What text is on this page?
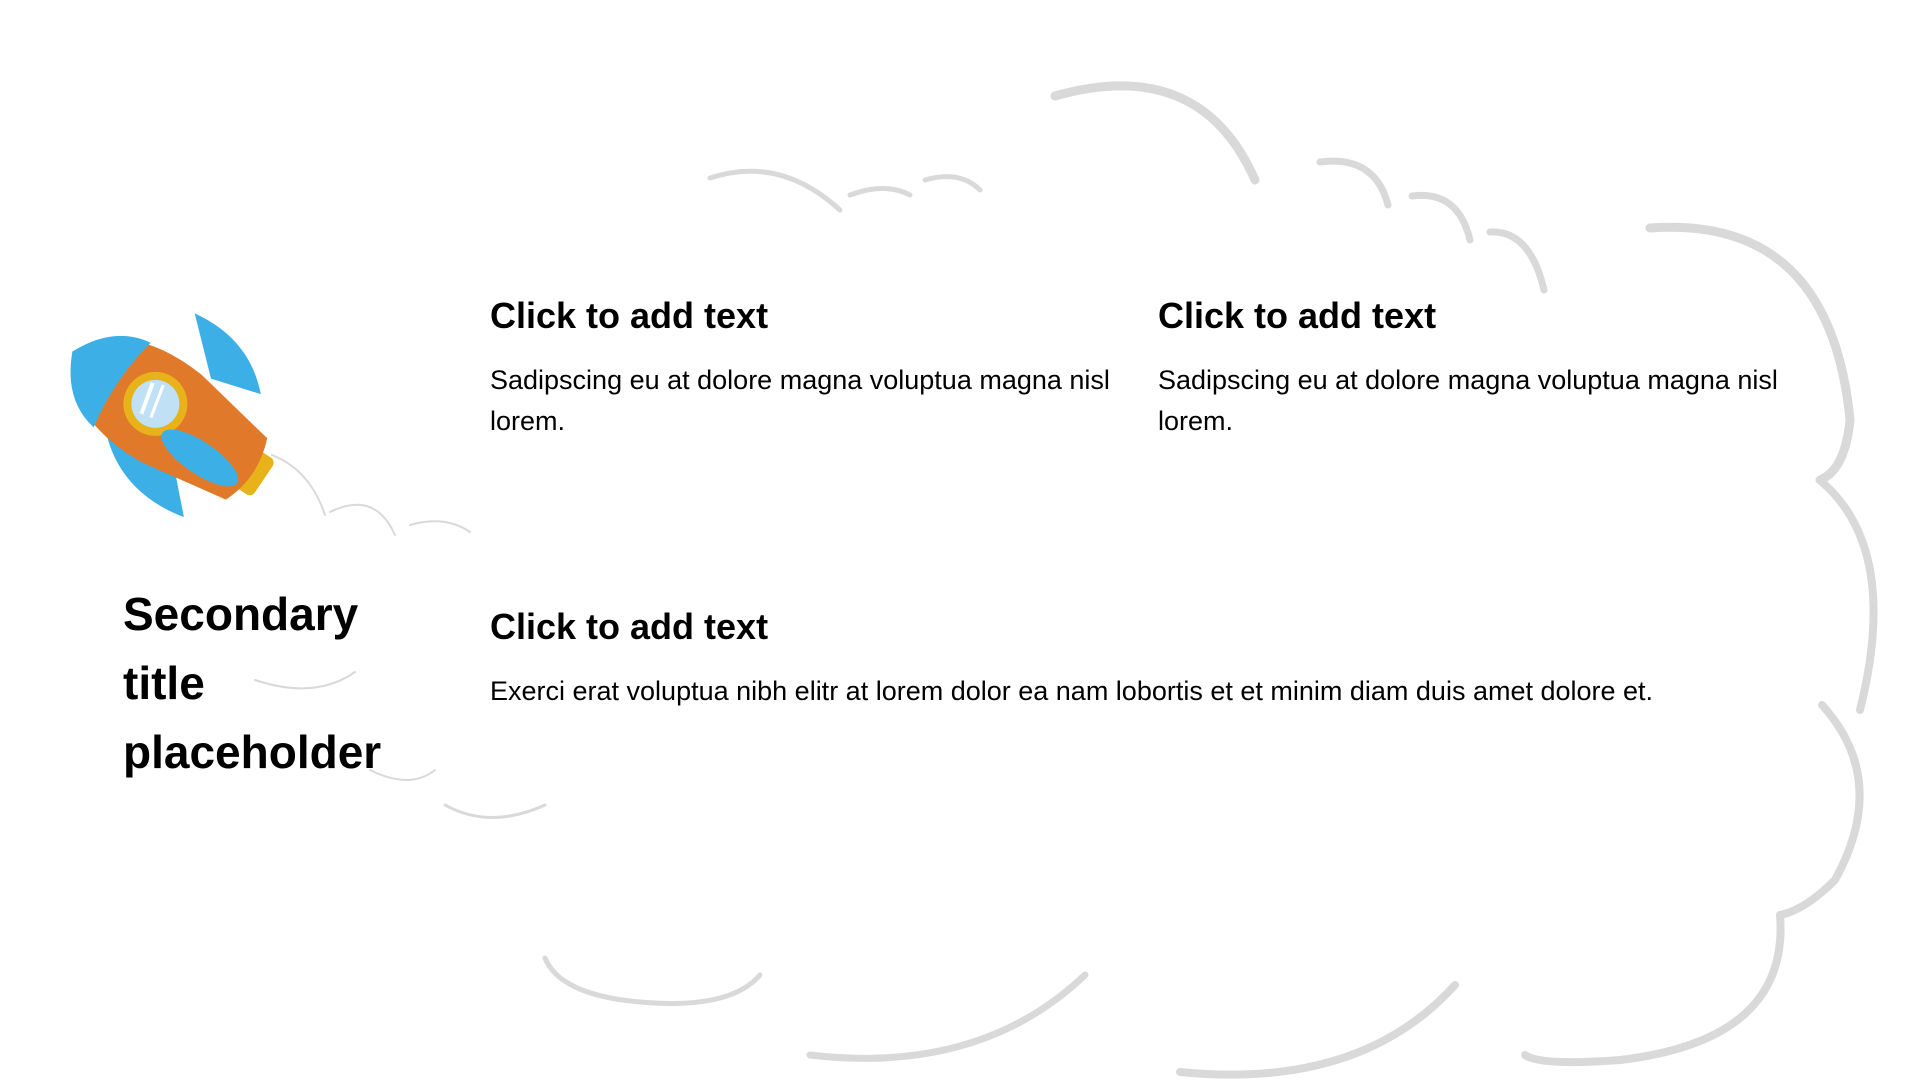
Secondary title placeholder
Click to add text

Sadipscing eu at dolore magna voluptua magna nisl lorem.

Click to add text

Sadipscing eu at dolore magna voluptua magna nisl lorem.

Click to add text

Exerci erat voluptua nibh elitr at lorem dolor ea nam lobortis et et minim diam duis amet dolore et.
